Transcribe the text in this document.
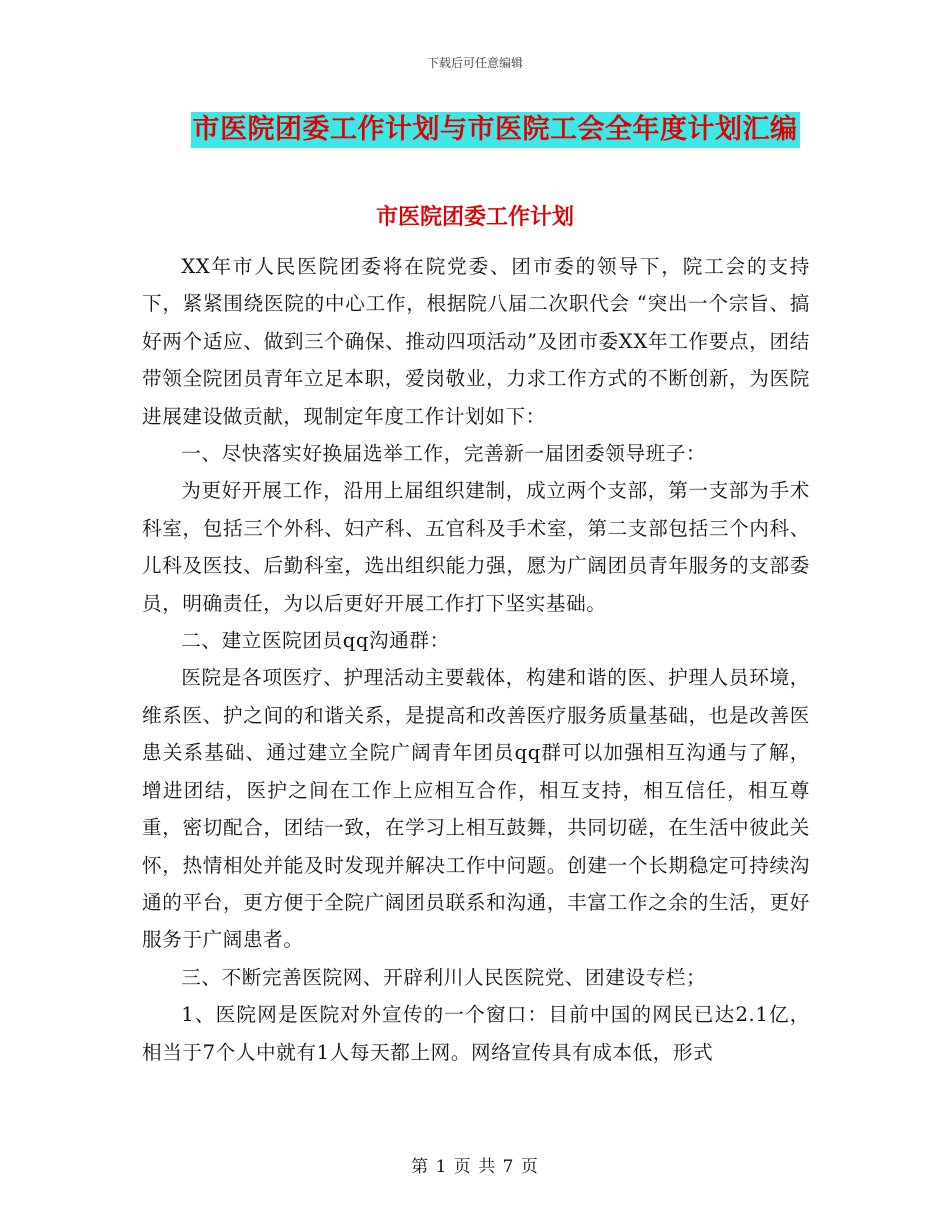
下载后可任意编辑
市医院团委工作计划与市医院工会全年度计划汇编
市医院团委工作计划

XX年市人民医院团委将在院党委、团市委的领导下，院工会的支持下，紧紧围绕医院的中心工作，根据院八届二次职代会 “突出一个宗旨、搞好两个适应、做到三个确保、推动四项活动”及团市委XX年工作要点，团结带领全院团员青年立足本职，爱岗敬业，力求工作方式的不断创新，为医院进展建设做贡献，现制定年度工作计划如下：

一、尽快落实好换届选举工作，完善新一届团委领导班子：

为更好开展工作，沿用上届组织建制，成立两个支部，第一支部为手术科室，包括三个外科、妇产科、五官科及手术室，第二支部包括三个内科、儿科及医技、后勤科室，选出组织能力强，愿为广阔团员青年服务的支部委员，明确责任，为以后更好开展工作打下坚实基础。

二、建立医院团员qq沟通群：

医院是各项医疗、护理活动主要载体，构建和谐的医、护理人员环境，维系医、护之间的和谐关系，是提高和改善医疗服务质量基础，也是改善医患关系基础、通过建立全院广阔青年团员qq群可以加强相互沟通与了解，增进团结，医护之间在工作上应相互合作，相互支持，相互信任，相互尊重，密切配合，团结一致，在学习上相互鼓舞，共同切磋，在生活中彼此关怀，热情相处并能及时发现并解决工作中问题。创建一个长期稳定可持续沟通的平台，更方便于全院广阔团员联系和沟通，丰富工作之余的生活，更好服务于广阔患者。

三、不断完善医院网、开辟利川人民医院党、团建设专栏；

1、医院网是医院对外宣传的一个窗口：目前中国的网民已达2.1亿，相当于7个人中就有1人每天都上网。网络宣传具有成本低，形式

第 1 页 共 7 页
